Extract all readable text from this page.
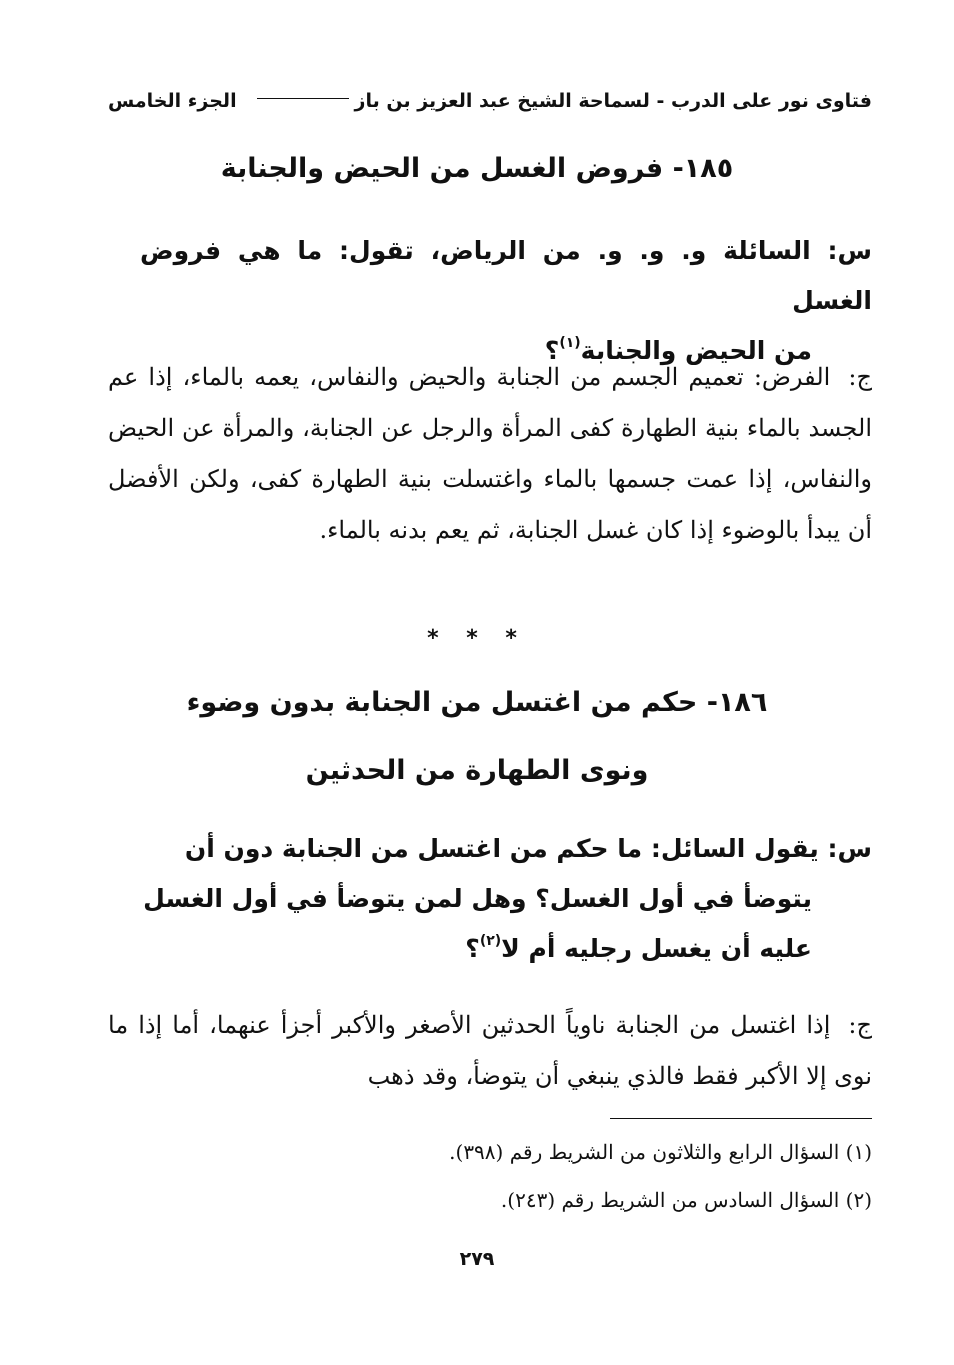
فتاوى نور على الدرب - لسماحة الشيخ عبد العزيز بن باز
الجزء الخامس
١٨٥- فروض الغسل من الحيض والجنابة
س: السائلة و. و. و. من الرياض، تقول: ما هي فروض الغسل
من الحيض والجنابة$^{(١)}$؟
ج: الفرض: تعميم الجسم من الجنابة والحيض والنفاس، يعمه بالماء، إذا عم الجسد بالماء بنية الطهارة كفى المرأة والرجل عن الجنابة، والمرأة عن الحيض والنفاس، إذا عمت جسمها بالماء واغتسلت بنية الطهارة كفى، ولكن الأفضل أن يبدأ بالوضوء إذا كان غسل الجنابة، ثم يعم بدنه بالماء.
* * *
١٨٦- حكم من اغتسل من الجنابة بدون وضوء
ونوى الطهارة من الحدثين
س: يقول السائل: ما حكم من اغتسل من الجنابة دون أن
يتوضأ في أول الغسل؟ وهل لمن يتوضأ في أول الغسل
عليه أن يغسل رجليه أم لا$^{(٢)}$؟
ج: إذا اغتسل من الجنابة ناوياً الحدثين الأصغر والأكبر أجزأ عنهما، أما إذا ما نوى إلا الأكبر فقط فالذي ينبغي أن يتوضأ، وقد ذهب
(١) السؤال الرابع والثلاثون من الشريط رقم (٣٩٨).
(٢) السؤال السادس من الشريط رقم (٢٤٣).
٢٧٩
